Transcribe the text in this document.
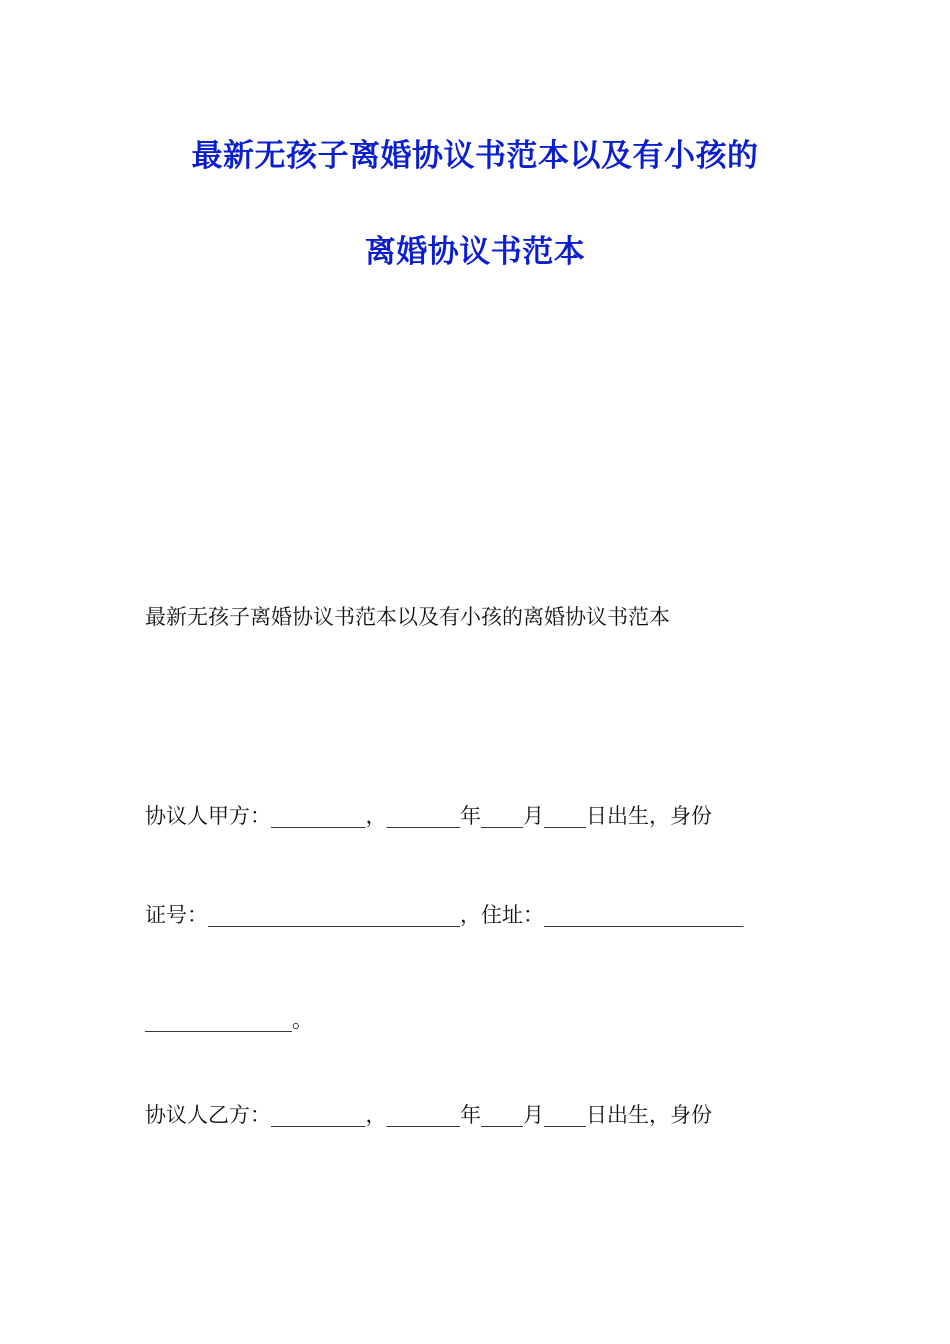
最新无孩子离婚协议书范本以及有小孩的
离婚协议书范本
最新无孩子离婚协议书范本以及有小孩的离婚协议书范本
协议人甲方：_________，_______年____月____日出生，身份
证号：________________________，住址：___________________
______________。
协议人乙方：_________，_______年____月____日出生，身份
